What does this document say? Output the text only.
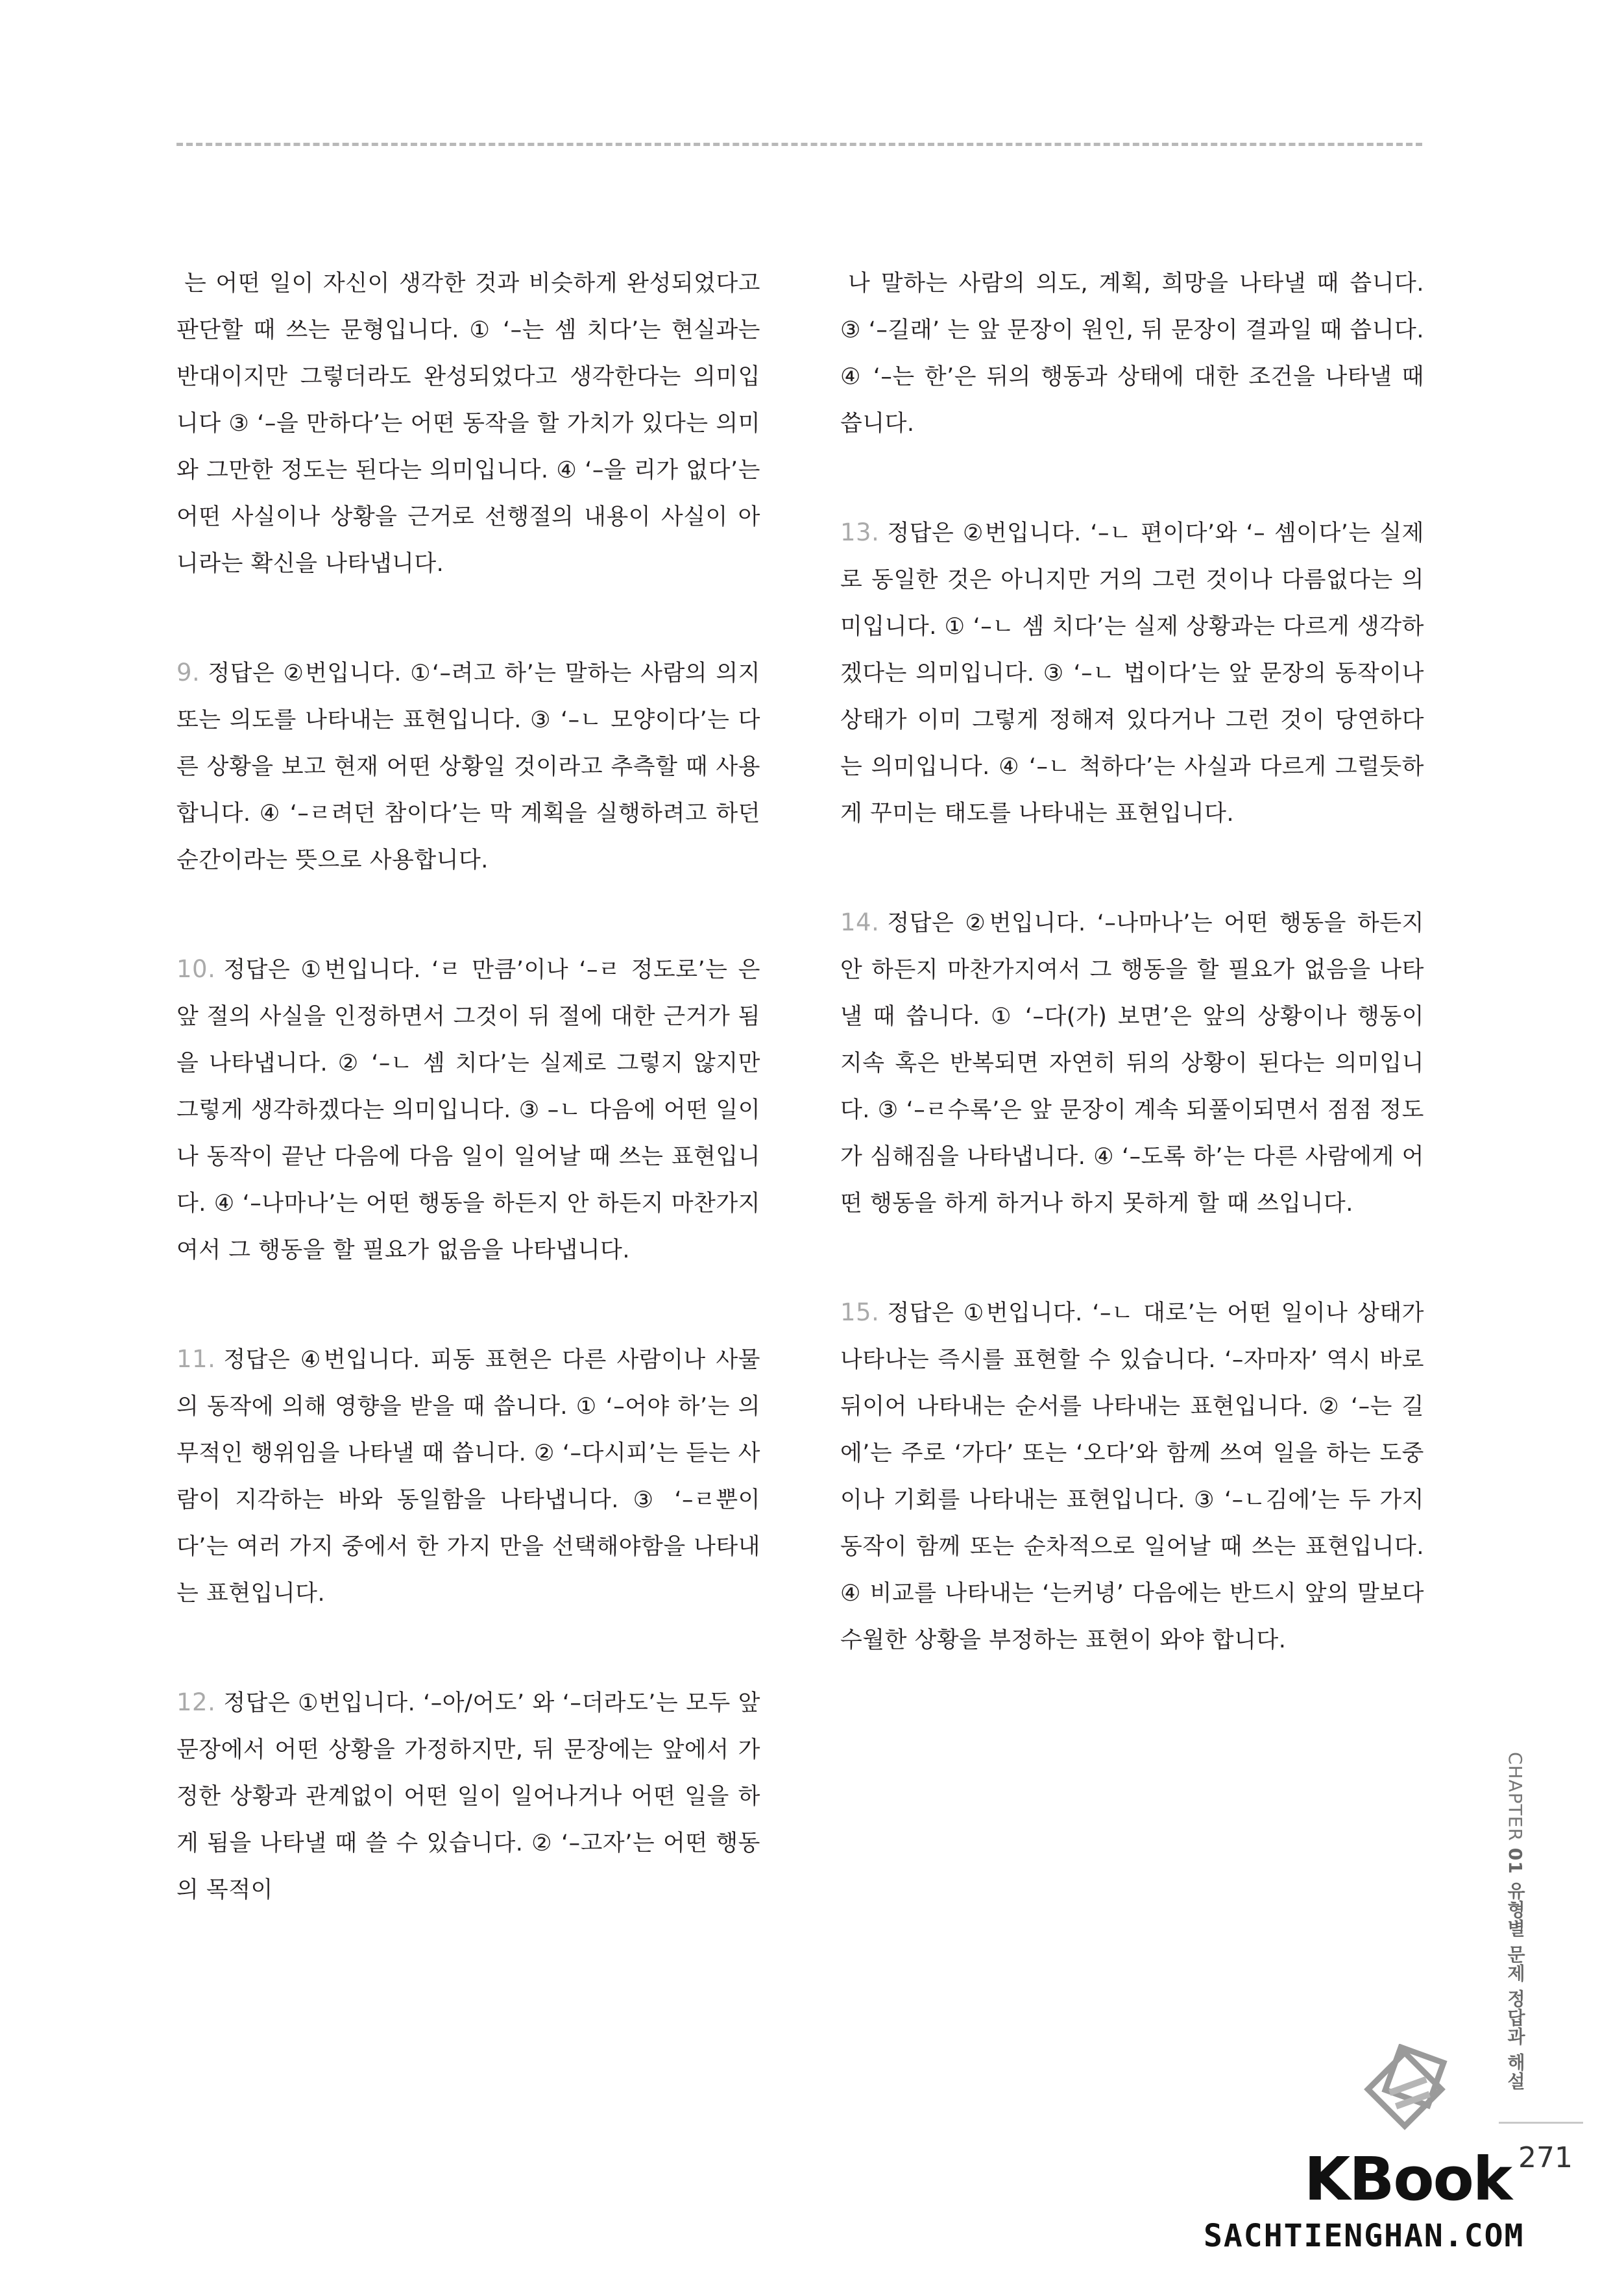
는 어떤 일이 자신이 생각한 것과 비슷하게 완성되었다고 판단할 때 쓰는 문형입니다. ① ‘–는 셈 치다’는 현실과는 반대이지만 그렇더라도 완성되었다고 생각한다는 의미입니다 ③ ‘–을 만하다’는 어떤 동작을 할 가치가 있다는 의미와 그만한 정도는 된다는 의미입니다. ④ ‘–을 리가 없다’는 어떤 사실이나 상황을 근거로 선행절의 내용이 사실이 아니라는 확신을 나타냅니다.

9. 정답은 ②번입니다. ①‘–려고 하’는 말하는 사람의 의지 또는 의도를 나타내는 표현입니다. ③ ‘–ㄴ 모양이다’는 다른 상황을 보고 현재 어떤 상황일 것이라고 추측할 때 사용합니다. ④ ‘–ㄹ려던 참이다’는 막 계획을 실행하려고 하던 순간이라는 뜻으로 사용합니다.

10. 정답은 ①번입니다. ‘ㄹ 만큼’이나 ‘–ㄹ 정도로’는 은 앞 절의 사실을 인정하면서 그것이 뒤 절에 대한 근거가 됨을 나타냅니다. ② ‘–ㄴ 셈 치다’는 실제로 그렇지 않지만 그렇게 생각하겠다는 의미입니다. ③ –ㄴ 다음에 어떤 일이나 동작이 끝난 다음에 다음 일이 일어날 때 쓰는 표현입니다. ④ ‘–나마나’는 어떤 행동을 하든지 안 하든지 마찬가지여서 그 행동을 할 필요가 없음을 나타냅니다.

11. 정답은 ④번입니다. 피동 표현은 다른 사람이나 사물의 동작에 의해 영향을 받을 때 씁니다. ① ‘–어야 하’는 의무적인 행위임을 나타낼 때 씁니다. ② ‘–다시피’는 듣는 사람이 지각하는 바와 동일함을 나타냅니다. ③ ‘–ㄹ뿐이다’는 여러 가지 중에서 한 가지 만을 선택해야함을 나타내는 표현입니다.

12. 정답은 ①번입니다. ‘–아/어도’ 와 ‘–더라도’는 모두 앞 문장에서 어떤 상황을 가정하지만, 뒤 문장에는 앞에서 가정한 상황과 관계없이 어떤 일이 일어나거나 어떤 일을 하게 됨을 나타낼 때 쓸 수 있습니다. ② ‘–고자’는 어떤 행동의 목적이

나 말하는 사람의 의도, 계획, 희망을 나타낼 때 씁니다. ③ ‘–길래’ 는 앞 문장이 원인, 뒤 문장이 결과일 때 씁니다. ④ ‘–는 한’은 뒤의 행동과 상태에 대한 조건을 나타낼 때 씁니다.

13. 정답은 ②번입니다. ‘–ㄴ 편이다’와 ‘– 셈이다’는 실제로 동일한 것은 아니지만 거의 그런 것이나 다름없다는 의미입니다. ① ‘–ㄴ 셈 치다’는 실제 상황과는 다르게 생각하겠다는 의미입니다. ③ ‘–ㄴ 법이다’는 앞 문장의 동작이나 상태가 이미 그렇게 정해져 있다거나 그런 것이 당연하다는 의미입니다. ④ ‘–ㄴ 척하다’는 사실과 다르게 그럴듯하게 꾸미는 태도를 나타내는 표현입니다.

14. 정답은 ②번입니다. ‘–나마나’는 어떤 행동을 하든지 안 하든지 마찬가지여서 그 행동을 할 필요가 없음을 나타낼 때 씁니다. ① ‘–다(가) 보면’은 앞의 상황이나 행동이 지속 혹은 반복되면 자연히 뒤의 상황이 된다는 의미입니다. ③ ‘–ㄹ수록’은 앞 문장이 계속 되풀이되면서 점점 정도가 심해짐을 나타냅니다. ④ ‘–도록 하’는 다른 사람에게 어떤 행동을 하게 하거나 하지 못하게 할 때 쓰입니다.

15. 정답은 ①번입니다. ‘–ㄴ 대로’는 어떤 일이나 상태가 나타나는 즉시를 표현할 수 있습니다. ‘–자마자’ 역시 바로 뒤이어 나타내는 순서를 나타내는 표현입니다. ② ‘–는 길에’는 주로 ‘가다’ 또는 ‘오다’와 함께 쓰여 일을 하는 도중이나 기회를 나타내는 표현입니다. ③ ‘–ㄴ김에’는 두 가지 동작이 함께 또는 순차적으로 일어날 때 쓰는 표현입니다. ④ 비교를 나타내는 ‘는커녕’ 다음에는 반드시 앞의 말보다 수월한 상황을 부정하는 표현이 와야 합니다.

CHAPTER 01 유형별 문제 정답과 해설
271
KBook
SACHTIENGHAN.COM
